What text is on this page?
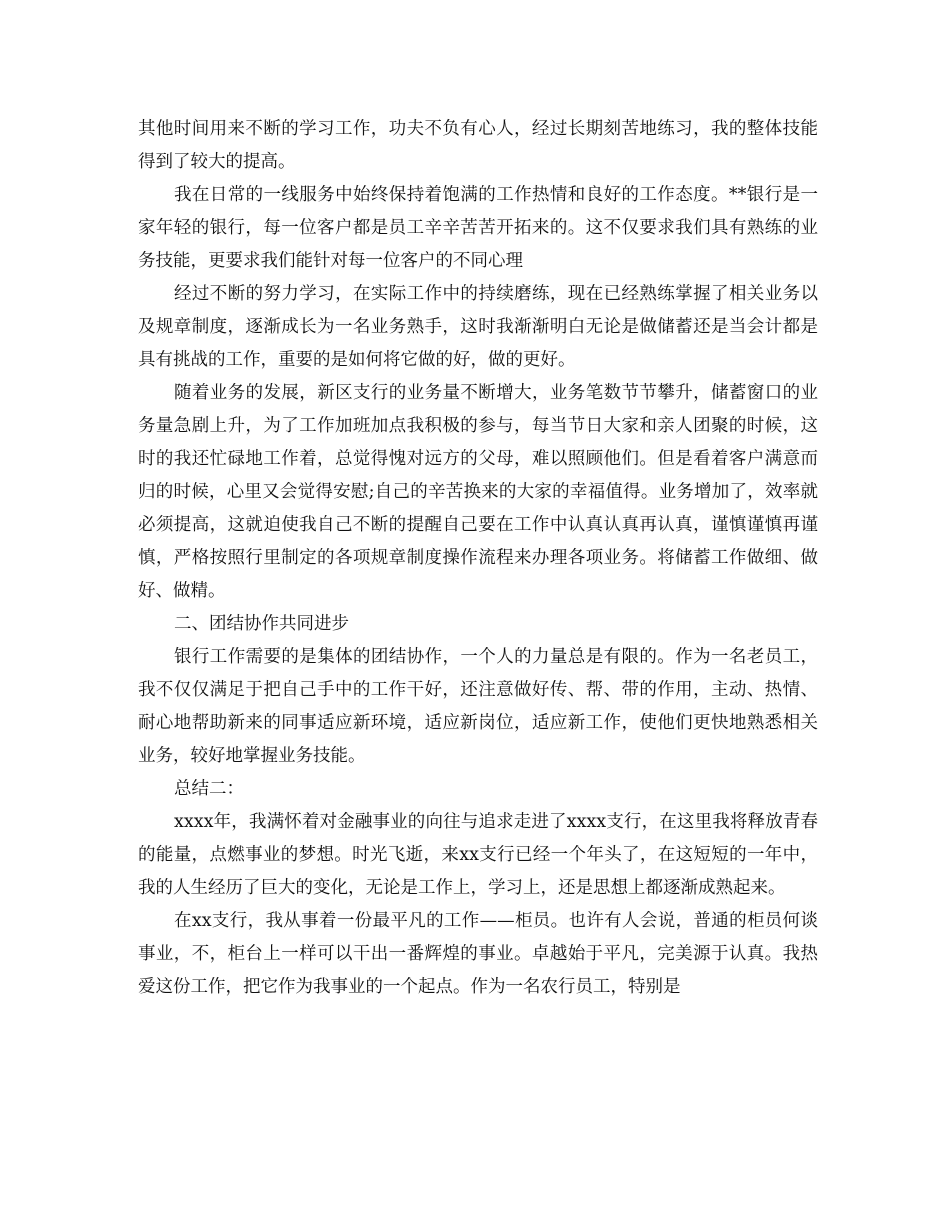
其他时间用来不断的学习工作，功夫不负有心人，经过长期刻苦地练习，我的整体技能得到了较大的提高。

我在日常的一线服务中始终保持着饱满的工作热情和良好的工作态度。**银行是一家年轻的银行，每一位客户都是员工辛辛苦苦开拓来的。这不仅要求我们具有熟练的业务技能，更要求我们能针对每一位客户的不同心理

经过不断的努力学习，在实际工作中的持续磨练，现在已经熟练掌握了相关业务以及规章制度，逐渐成长为一名业务熟手，这时我渐渐明白无论是做储蓄还是当会计都是具有挑战的工作，重要的是如何将它做的好，做的更好。

随着业务的发展，新区支行的业务量不断增大，业务笔数节节攀升，储蓄窗口的业务量急剧上升，为了工作加班加点我积极的参与，每当节日大家和亲人团聚的时候，这时的我还忙碌地工作着，总觉得愧对远方的父母，难以照顾他们。但是看着客户满意而归的时候，心里又会觉得安慰;自己的辛苦换来的大家的幸福值得。业务增加了，效率就必须提高，这就迫使我自己不断的提醒自己要在工作中认真认真再认真，谨慎谨慎再谨慎，严格按照行里制定的各项规章制度操作流程来办理各项业务。将储蓄工作做细、做好、做精。

二、团结协作共同进步

银行工作需要的是集体的团结协作，一个人的力量总是有限的。作为一名老员工，我不仅仅满足于把自己手中的工作干好，还注意做好传、帮、带的作用，主动、热情、耐心地帮助新来的同事适应新环境，适应新岗位，适应新工作，使他们更快地熟悉相关业务，较好地掌握业务技能。

总结二：

xxxx年，我满怀着对金融事业的向往与追求走进了xxxx支行，在这里我将释放青春的能量，点燃事业的梦想。时光飞逝，来xx支行已经一个年头了，在这短短的一年中，我的人生经历了巨大的变化，无论是工作上，学习上，还是思想上都逐渐成熟起来。

在xx支行，我从事着一份最平凡的工作——柜员。也许有人会说，普通的柜员何谈事业，不，柜台上一样可以干出一番辉煌的事业。卓越始于平凡，完美源于认真。我热爱这份工作，把它作为我事业的一个起点。作为一名农行员工，特别是
